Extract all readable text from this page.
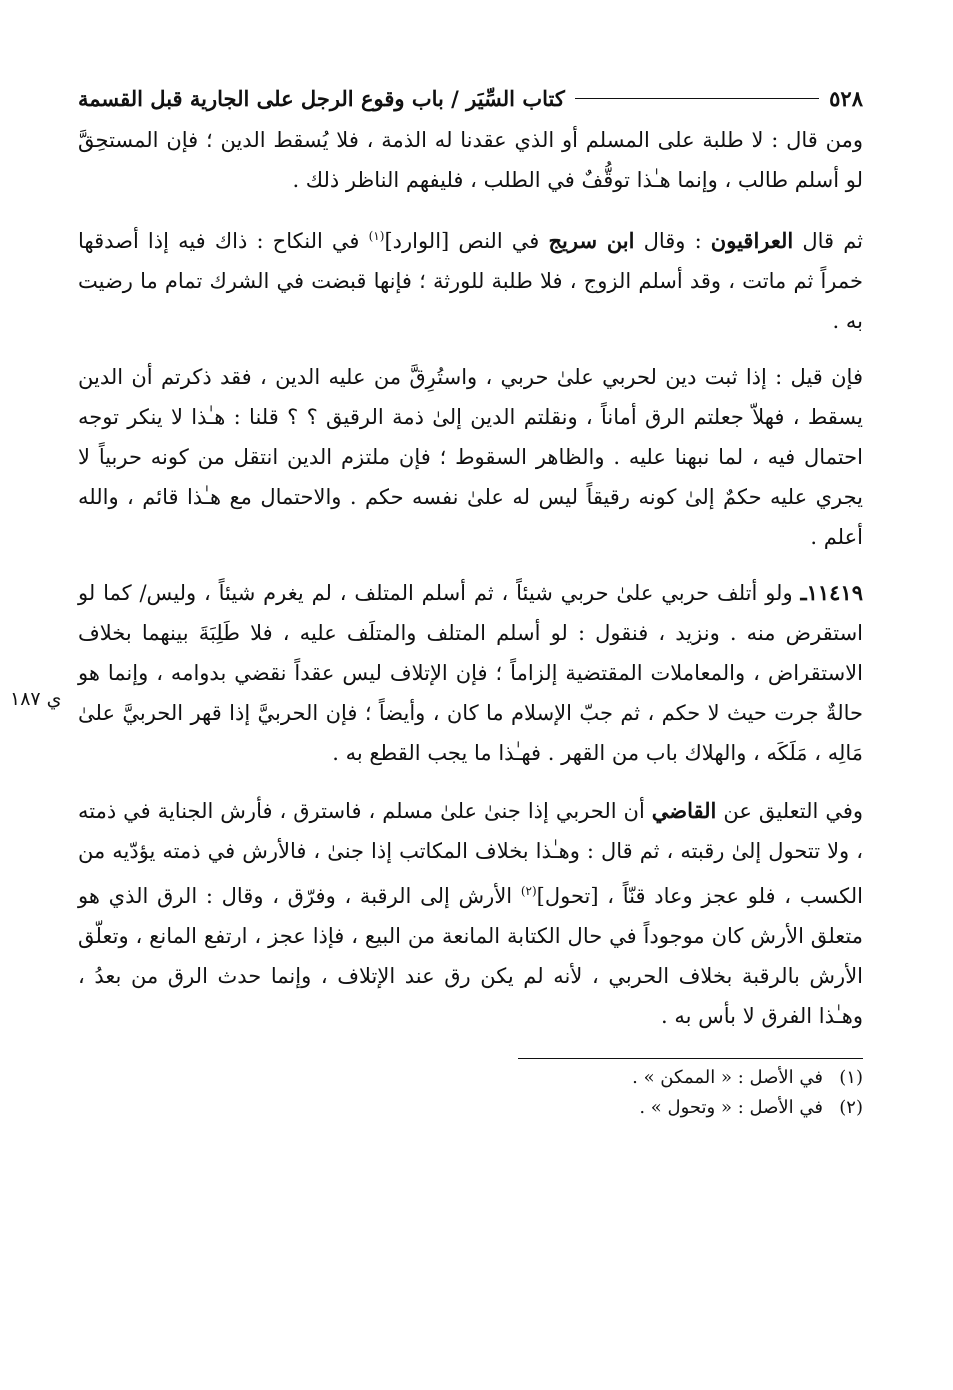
٥٢٨
كتاب السِّيَر / باب وقوع الرجل على الجارية قبل القسمة

ومن قال : لا طلبة على المسلم أو الذي عقدنا له الذمة ، فلا يُسقط الدين ؛ فإن المستحِقَّ لو أسلم طالب ، وإنما هـٰذا توقُّفٌ في الطلب ، فليفهم الناظر ذلك .

ثم قال العراقيون : وقال ابن سريج في النص [الوارد]$^{(١)}$ في النكاح : ذاك فيه إذا أصدقها خمراً ثم ماتت ، وقد أسلم الزوج ، فلا طلبة للورثة ؛ فإنها قبضت في الشرك تمام ما رضيت به .

فإن قيل : إذا ثبت دين لحربي علىٰ حربي ، واستُرِقَّ من عليه الدين ، فقد ذكرتم أن الدين يسقط ، فهلاّ جعلتم الرق أماناً ، ونقلتم الدين إلىٰ ذمة الرقيق ؟ ؟ قلنا : هـٰذا لا ينكر توجه احتمال فيه ، لما نبهنا عليه . والظاهر السقوط ؛ فإن ملتزم الدين انتقل من كونه حربياً لا يجري عليه حكمٌ إلىٰ كونه رقيقاً ليس له علىٰ نفسه حكم . والاحتمال مع هـٰذا قائم ، والله أعلم .

١١٤١٩ـ ولو أتلف حربي علىٰ حربي شيئاً ، ثم أسلم المتلف ، لم يغرم شيئاً ، وليس/ كما لو استقرض منه . ونزيد ، فنقول : لو أسلم المتلف والمتلَف عليه ، فلا طَلِبَةَ بينهما بخلاف الاستقراض ، والمعاملات المقتضية إلزاماً ؛ فإن الإتلاف ليس عقداً نقضي بدوامه ، وإنما هو حالةٌ جرت حيث لا حكم ، ثم جبّ الإسلام ما كان ، وأيضاً ؛ فإن الحربيَّ إذا قهر الحربيَّ علىٰ مَالِه ، مَلَكَه ، والهلاك باب من القهر . فهـٰذا ما يجب القطع به .

وفي التعليق عن القاضي أن الحربي إذا جنىٰ علىٰ مسلم ، فاسترق ، فأرش الجناية في ذمته ، ولا تتحول إلىٰ رقبته ، ثم قال : وهـٰذا بخلاف المكاتب إذا جنىٰ ، فالأرش في ذمته يؤدّيه من الكسب ، فلو عجز وعاد قنّاً ، [تحول]$^{(٢)}$ الأرش إلى الرقبة ، وفرّق ، وقال : الرق الذي هو متعلق الأرش كان موجوداً في حال الكتابة المانعة من البيع ، فإذا عجز ، ارتفع المانع ، وتعلّق الأرش بالرقبة بخلاف الحربي ، لأنه لم يكن رق عند الإتلاف ، وإنما حدث الرق من بعدُ ، وهـٰذا الفرق لا بأس به .

(١)في الأصل : « الممكن » .
(٢)في الأصل : « وتحول » .
ي ١٨٧
